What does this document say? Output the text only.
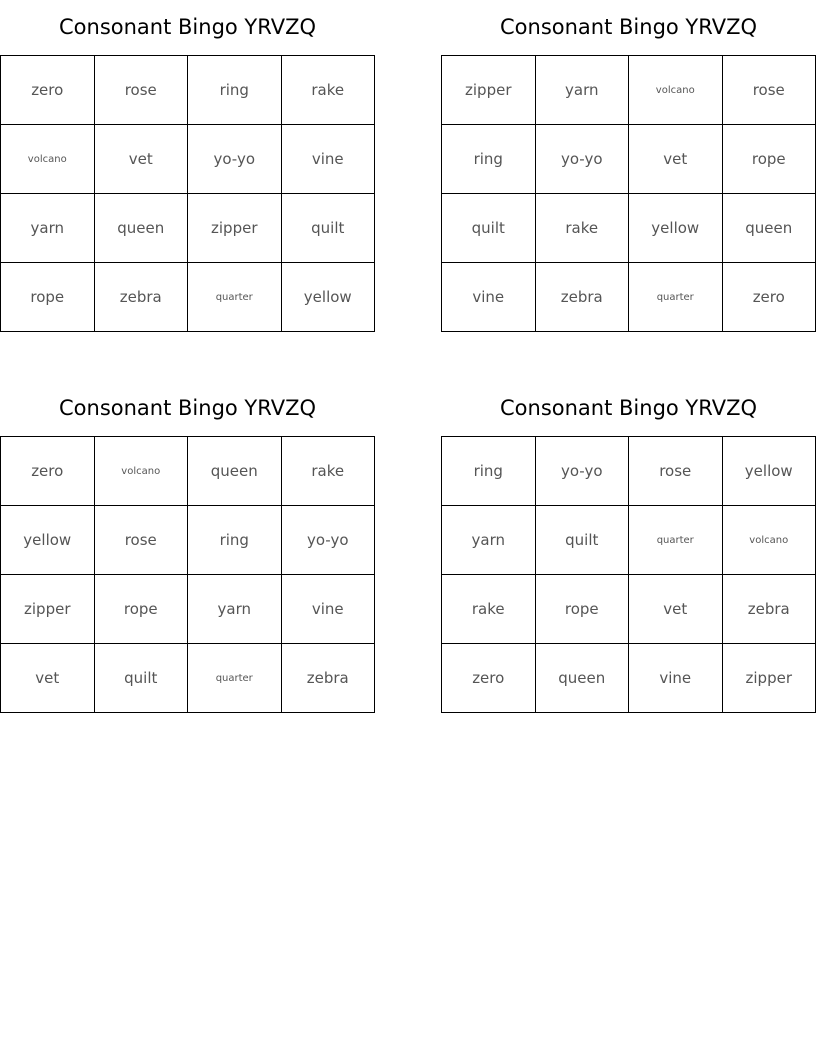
Consonant Bingo YRVZQ
zero	rose	ring	rake
volcano	vet	yo-yo	vine
yarn	queen	zipper	quilt
rope	zebra	quarter	yellow
Consonant Bingo YRVZQ
zipper	yarn	volcano	rose
ring	yo-yo	vet	rope
quilt	rake	yellow	queen
vine	zebra	quarter	zero
Consonant Bingo YRVZQ
zero	volcano	queen	rake
yellow	rose	ring	yo-yo
zipper	rope	yarn	vine
vet	quilt	quarter	zebra
Consonant Bingo YRVZQ
ring	yo-yo	rose	yellow
yarn	quilt	quarter	volcano
rake	rope	vet	zebra
zero	queen	vine	zipper
